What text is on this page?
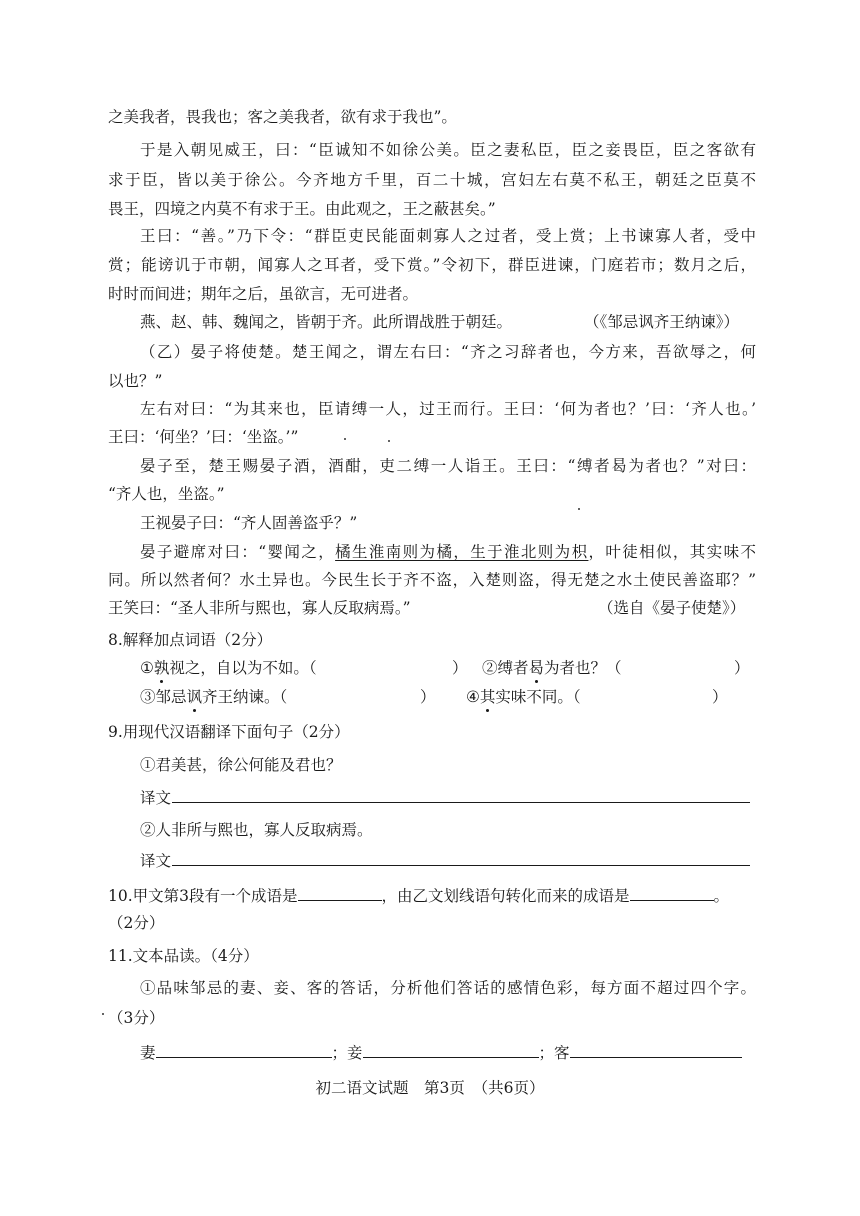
之美我者，畏我也；客之美我者，欲有求于我也”。
于是入朝见威王，曰：“臣诚知不如徐公美。臣之妻私臣，臣之妾畏臣，臣之客欲有
求于臣，皆以美于徐公。今齐地方千里，百二十城，宫妇左右莫不私王，朝廷之臣莫不
畏王，四境之内莫不有求于王。由此观之，王之蔽甚矣。”
王曰：“善。”乃下令：“群臣吏民能面刺寡人之过者，受上赏；上书谏寡人者，受中
赏；能谤讥于市朝，闻寡人之耳者，受下赏。”令初下，群臣进谏，门庭若市；数月之后，
时时而间进；期年之后，虽欲言，无可进者。
燕、赵、韩、魏闻之，皆朝于齐。此所谓战胜于朝廷。	（《邹忌讽齐王纳谏》）
（乙）晏子将使楚。楚王闻之，谓左右曰：“齐之习辞者也，今方来，吾欲辱之，何
以也？”
左右对曰：“为其来也，臣请缚一人，过王而行。王曰：‘何为者也？’曰：‘齐人也。’
王曰：‘何坐？’曰：‘坐盗。’”
晏子至，楚王赐晏子酒，酒酣，吏二缚一人诣王。王曰：“缚者曷为者也？”对曰：
“齐人也，坐盗。”
王视晏子曰：“齐人固善盗乎？”
晏子避席对曰：“婴闻之，橘生淮南则为橘，生于淮北则为枳，叶徒相似，其实味不
同。所以然者何？水土异也。今民生长于齐不盗，入楚则盗，得无楚之水土使民善盗耶？”
王笑曰：“圣人非所与熙也，寡人反取病焉。”	（选自《晏子使楚》）
8.解释加点词语（2分）
①孰视之，自以为不如。（	） ②缚者曷为者也？（	）
③邹忌讽齐王纳谏。（	） ④其实味不同。（	）
9.用现代汉语翻译下面句子（2分）
①君美甚，徐公何能及君也？
译文
②人非所与熙也，寡人反取病焉。
译文
10.甲文第3段有一个成语是	，由乙文划线语句转化而来的成语是	。
（2分）
11.文本品读。（4分）
①品味邹忌的妻、妾、客的答话，分析他们答话的感情色彩，每方面不超过四个字。
（3分）
妻	；妾	；客
初二语文试题　第3页　（共6页）
